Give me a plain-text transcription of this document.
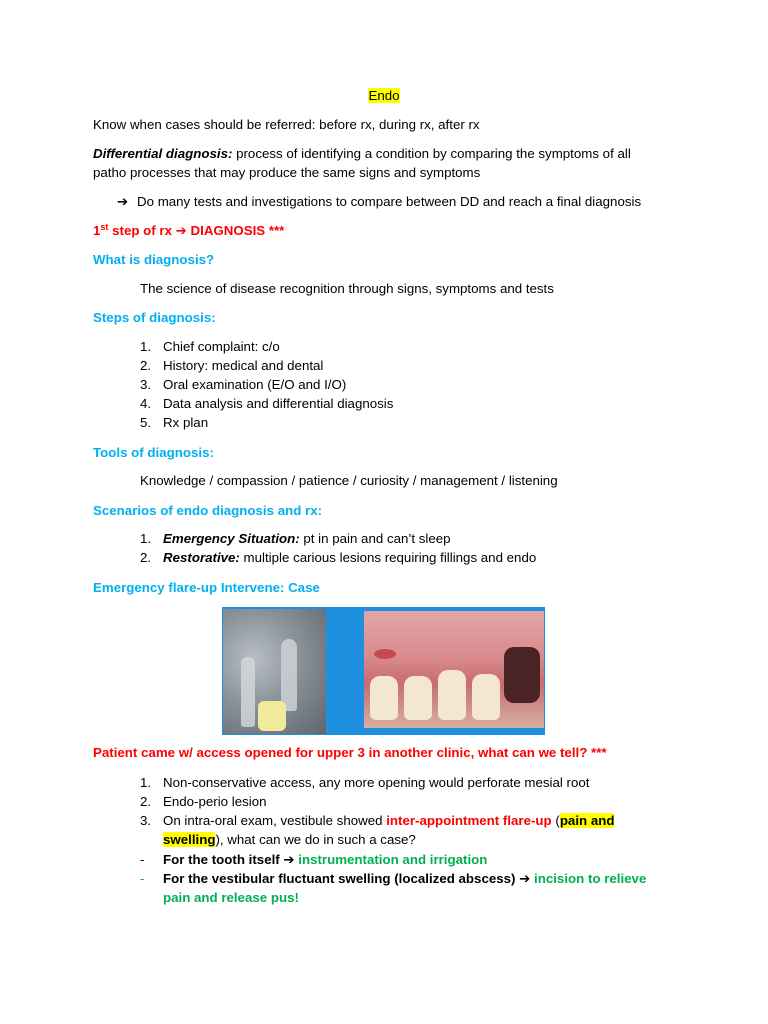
Endo
Know when cases should be referred: before rx, during rx, after rx
Differential diagnosis: process of identifying a condition by comparing the symptoms of all
patho processes that may produce the same signs and symptoms
➔ Do many tests and investigations to compare between DD and reach a final diagnosis
1st step of rx ➔ DIAGNOSIS ***
What is diagnosis?
The science of disease recognition through signs, symptoms and tests
Steps of diagnosis:
1. Chief complaint: c/o
2. History: medical and dental
3. Oral examination (E/O and I/O)
4. Data analysis and differential diagnosis
5. Rx plan
Tools of diagnosis:
Knowledge / compassion / patience / curiosity / management / listening
Scenarios of endo diagnosis and rx:
1. Emergency Situation: pt in pain and can’t sleep
2. Restorative: multiple carious lesions requiring fillings and endo
Emergency flare-up Intervene: Case
Patient came w/ access opened for upper 3 in another clinic, what can we tell? ***
1. Non-conservative access, any more opening would perforate mesial root
2. Endo-perio lesion
3. On intra-oral exam, vestibule showed inter-appointment flare-up (pain and
swelling), what can we do in such a case?
- For the tooth itself ➔ instrumentation and irrigation
- For the vestibular fluctuant swelling (localized abscess) ➔ incision to relieve
pain and release pus!
